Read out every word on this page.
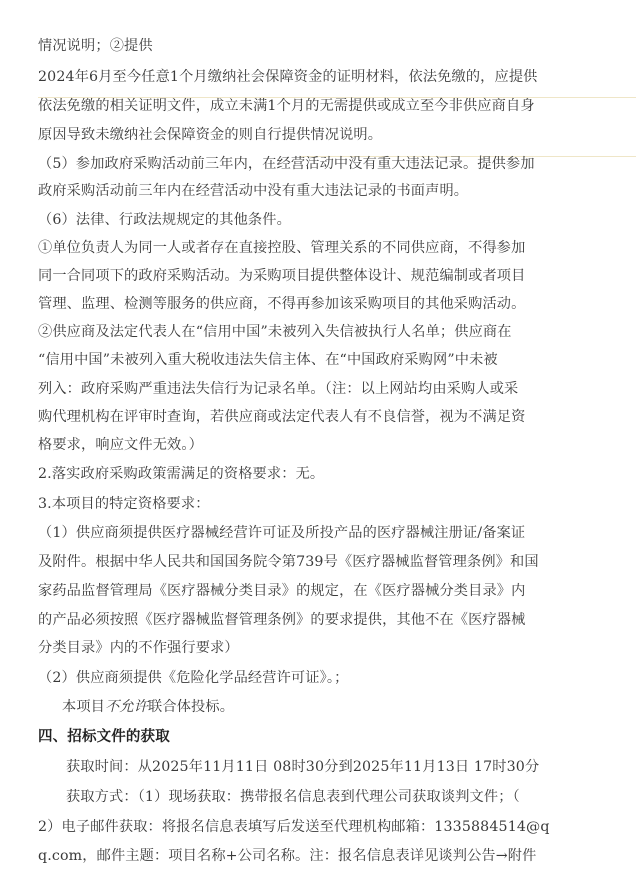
情况说明；②提供
2024年6月至今任意1个月缴纳社会保障资金的证明材料，依法免缴的，应提供
依法免缴的相关证明文件，成立未满1个月的无需提供或成立至今非供应商自身
原因导致未缴纳社会保障资金的则自行提供情况说明。
（5）参加政府采购活动前三年内，在经营活动中没有重大违法记录。提供参加
政府采购活动前三年内在经营活动中没有重大违法记录的书面声明。
（6）法律、行政法规规定的其他条件。
①单位负责人为同一人或者存在直接控股、管理关系的不同供应商，不得参加
同一合同项下的政府采购活动。为采购项目提供整体设计、规范编制或者项目
管理、监理、检测等服务的供应商，不得再参加该采购项目的其他采购活动。
②供应商及法定代表人在“信用中国”未被列入失信被执行人名单；供应商在
“信用中国”未被列入重大税收违法失信主体、在“中国政府采购网”中未被
列入：政府采购严重违法失信行为记录名单。（注：以上网站均由采购人或采
购代理机构在评审时查询，若供应商或法定代表人有不良信誉，视为不满足资
格要求，响应文件无效。）
2.落实政府采购政策需满足的资格要求：无。
3.本项目的特定资格要求：
（1）供应商须提供医疗器械经营许可证及所投产品的医疗器械注册证/备案证
及附件。根据中华人民共和国国务院令第739号《医疗器械监督管理条例》和国
家药品监督管理局《医疗器械分类目录》的规定，在《医疗器械分类目录》内
的产品必须按照《医疗器械监督管理条例》的要求提供，其他不在《医疗器械
分类目录》内的不作强行要求）
（2）供应商须提供《危险化学品经营许可证》。；
本项目不允许联合体投标。
四、招标文件的获取
获取时间：从2025年11月11日 08时30分到2025年11月13日 17时30分
获取方式：（1）现场获取：携带报名信息表到代理公司获取谈判文件；（
2）电子邮件获取：将报名信息表填写后发送至代理机构邮箱：1335884514@q
q.com，邮件主题：项目名称+公司名称。注：报名信息表详见谈判公告→附件
